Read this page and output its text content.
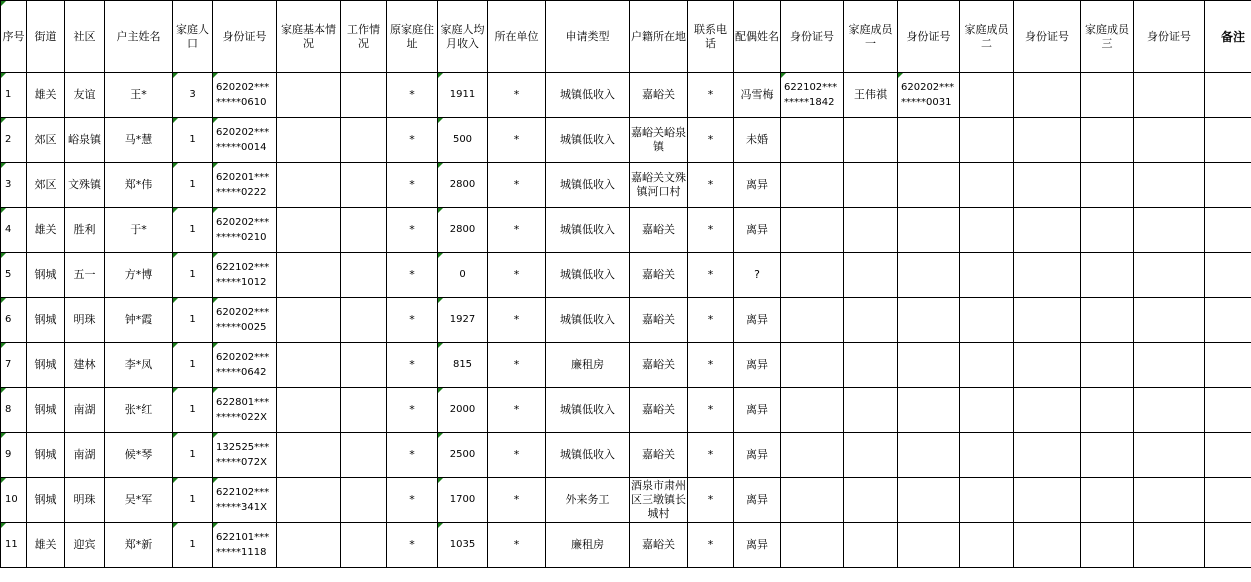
序号	街道	社区	户主姓名	家庭人口	身份证号	家庭基本情况	工作情况	原家庭住址	家庭人均月收入	所在单位	申请类型	户籍所在地	联系电话	配偶姓名	身份证号	家庭成员一	身份证号	家庭成员二	身份证号	家庭成员三	身份证号	备注
1	雄关	友谊	王*	3	620202*** *****0610			*	1911	*	城镇低收入	嘉峪关	*	冯雪梅	622102*** *****1842	王伟祺	620202*** *****0031					
2	郊区	峪泉镇	马*慧	1	620202*** *****0014			*	500	*	城镇低收入	嘉峪关峪泉镇	*	未婚								
3	郊区	文殊镇	郑*伟	1	620201*** *****0222			*	2800	*	城镇低收入	嘉峪关文殊镇河口村	*	离异								
4	雄关	胜利	于*	1	620202*** *****0210			*	2800	*	城镇低收入	嘉峪关	*	离异								
5	钢城	五一	方*博	1	622102*** *****1012			*	0	*	城镇低收入	嘉峪关	*	?								
6	钢城	明珠	钟*霞	1	620202*** *****0025			*	1927	*	城镇低收入	嘉峪关	*	离异								
7	钢城	建林	李*凤	1	620202*** *****0642			*	815	*	廉租房	嘉峪关	*	离异								
8	钢城	南湖	张*红	1	622801*** *****022X			*	2000	*	城镇低收入	嘉峪关	*	离异								
9	钢城	南湖	候*琴	1	132525*** *****072X			*	2500	*	城镇低收入	嘉峪关	*	离异								
10	钢城	明珠	吴*军	1	622102*** *****341X			*	1700	*	外来务工	酒泉市肃州区三墩镇长城村	*	离异								
11	雄关	迎宾	郑*新	1	622101*** *****1118			*	1035	*	廉租房	嘉峪关	*	离异								
